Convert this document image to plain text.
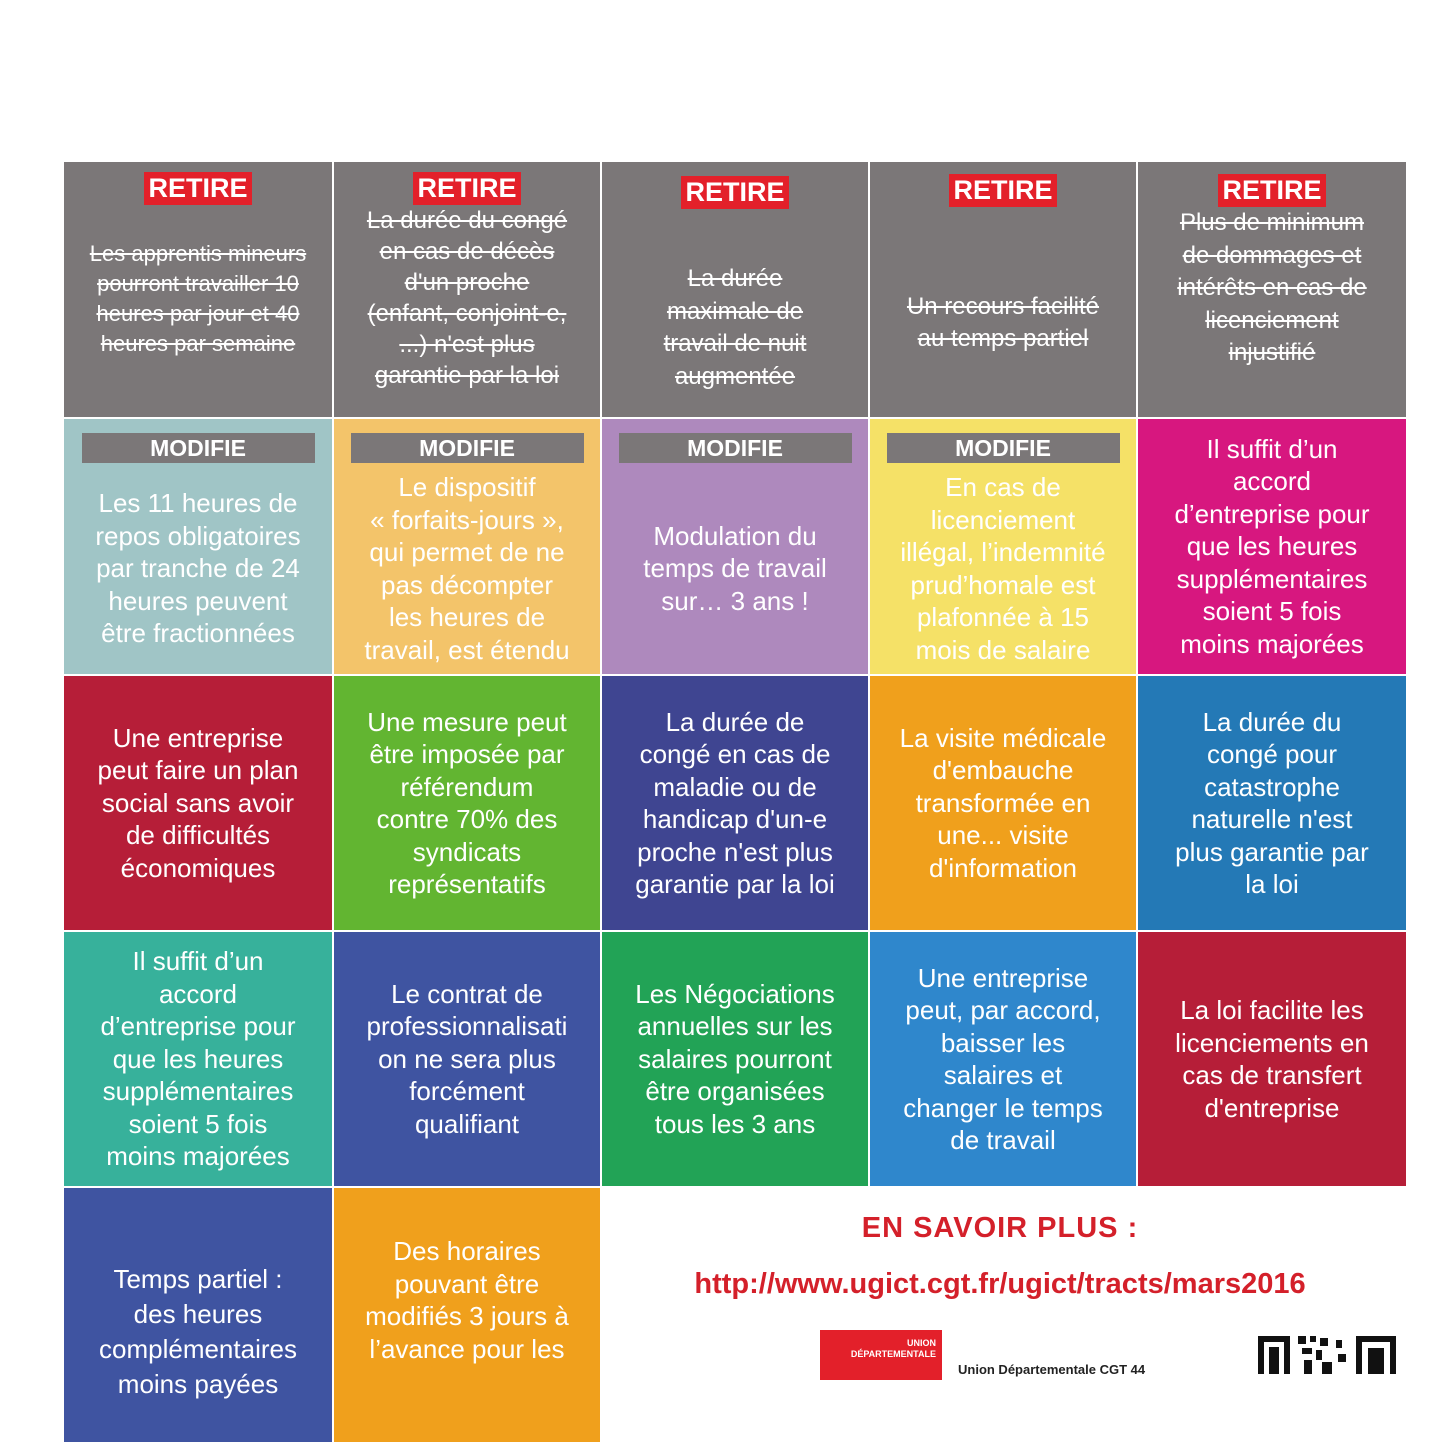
RETIRE
Les apprentis mineurs
pourront travailler 10
heures par jour et 40
heures par semaine
RETIRE
La durée du congé
en cas de décès
d'un proche
(enfant, conjoint-e,
...) n'est plus
garantie par la loi
RETIRE
La durée
maximale de
travail de nuit
augmentée
RETIRE
Un recours facilité
au temps partiel
RETIRE
Plus de minimum
de dommages et
intérêts en cas de
licenciement
injustifié
MODIFIE
Les 11 heures de
repos obligatoires
par tranche de 24
heures peuvent
être fractionnées
MODIFIE
Le dispositif
« forfaits-jours »,
qui permet de ne
pas décompter
les heures de
travail, est étendu
MODIFIE
Modulation du
temps de travail
sur… 3 ans !
MODIFIE
En cas de
licenciement
illégal, l’indemnité
prud’homale est
plafonnée à 15
mois de salaire
Il suffit d’un
accord
d’entreprise pour
que les heures
supplémentaires
soient 5 fois
moins majorées
Une entreprise
peut faire un plan
social sans avoir
de difficultés
économiques
Une mesure peut
être imposée par
référendum
contre 70% des
syndicats
représentatifs
La durée de
congé en cas de
maladie ou de
handicap d'un-e
proche n'est plus
garantie par la loi
La visite médicale
d'embauche
transformée en
une... visite
d'information
La durée du
congé pour
catastrophe
naturelle n'est
plus garantie par
la loi
Il suffit d’un
accord
d’entreprise pour
que les heures
supplémentaires
soient 5 fois
moins majorées
Le contrat de
professionnalisati
on ne sera plus
forcément
qualifiant
Les Négociations
annuelles sur les
salaires pourront
être organisées
tous les 3 ans
Une entreprise
peut, par accord,
baisser les
salaires et
changer le temps
de travail
La loi facilite les
licenciements en
cas de transfert
d'entreprise
Temps partiel :
des heures
complémentaires
moins payées
Des horaires
pouvant être
modifiés 3 jours à
l’avance pour les
EN SAVOIR PLUS :
http://www.ugict.cgt.fr/ugict/tracts/mars2016
UNION
DÉPARTEMENTALE
Union Départementale CGT 44
